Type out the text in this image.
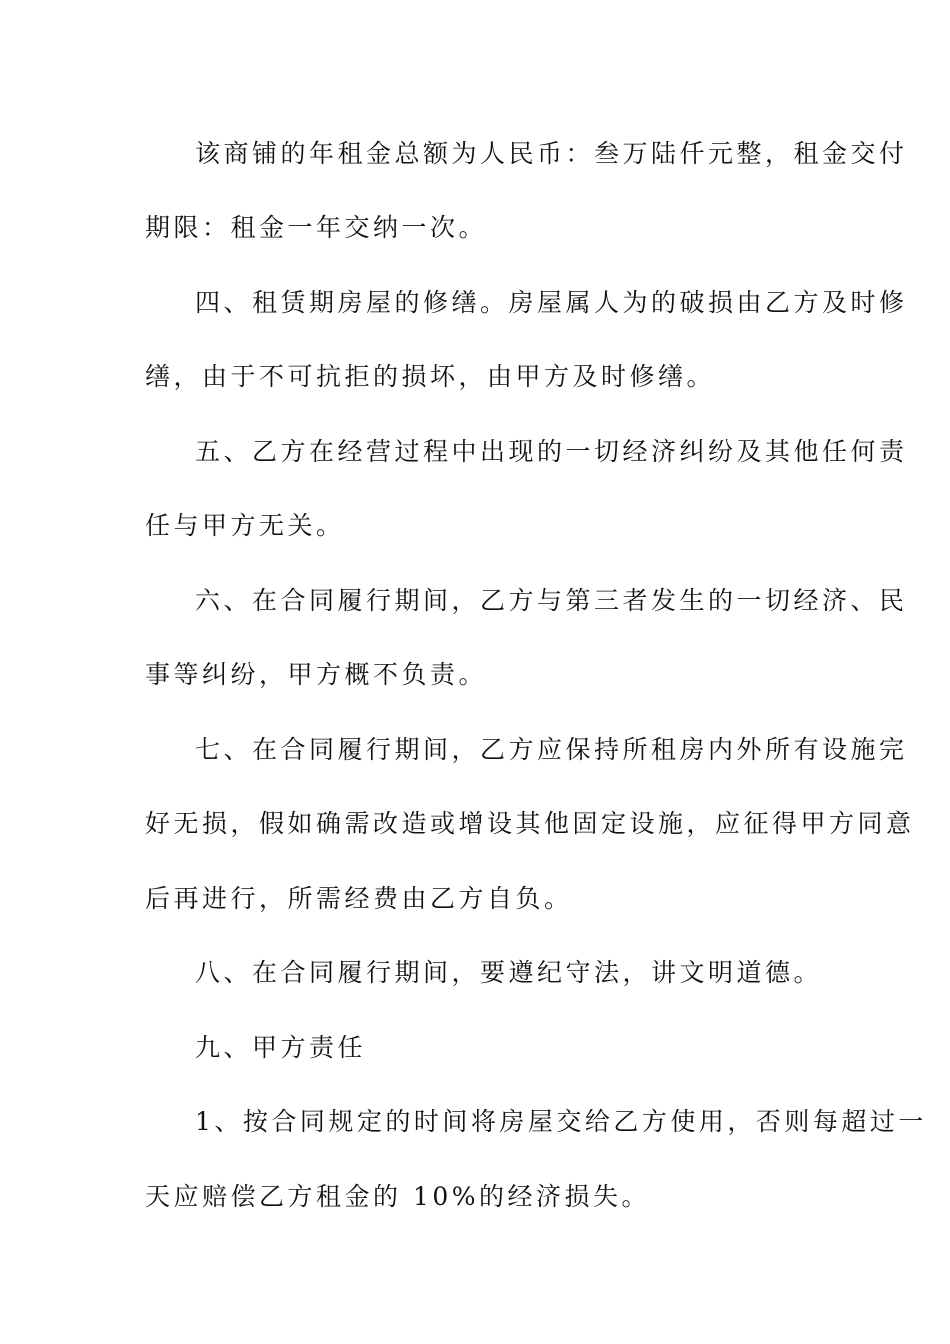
该商铺的年租金总额为人民币：叁万陆仟元整，租金交付
期限：租金一年交纳一次。
四、租赁期房屋的修缮。房屋属人为的破损由乙方及时修
缮，由于不可抗拒的损坏，由甲方及时修缮。
五、乙方在经营过程中出现的一切经济纠纷及其他任何责
任与甲方无关。
六、在合同履行期间，乙方与第三者发生的一切经济、民
事等纠纷，甲方概不负责。
七、在合同履行期间，乙方应保持所租房内外所有设施完
好无损，假如确需改造或增设其他固定设施，应征得甲方同意
后再进行，所需经费由乙方自负。
八、在合同履行期间，要遵纪守法，讲文明道德。
九、甲方责任
1、按合同规定的时间将房屋交给乙方使用，否则每超过一
天应赔偿乙方租金的 10%的经济损失。
